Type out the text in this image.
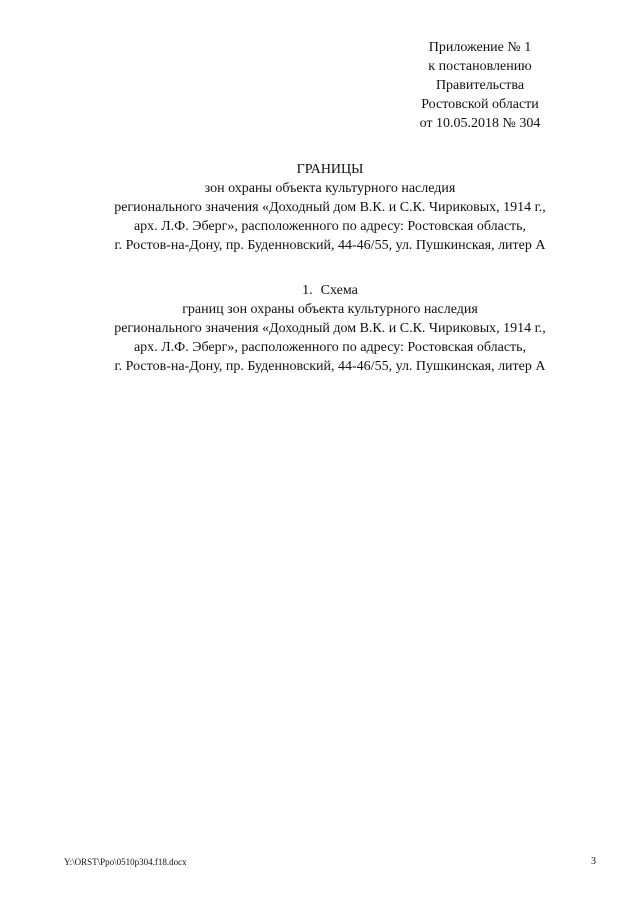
Приложение № 1
к постановлению
Правительства
Ростовской области
от 10.05.2018 № 304
ГРАНИЦЫ
зон охраны объекта культурного наследия
регионального значения «Доходный дом В.К. и С.К. Чириковых, 1914 г.,
арх. Л.Ф. Эберг», расположенного по адресу: Ростовская область,
г. Ростов-на-Дону, пр. Буденновский, 44-46/55, ул. Пушкинская, литер А
1. Схема
границ зон охраны объекта культурного наследия
регионального значения «Доходный дом В.К. и С.К. Чириковых, 1914 г.,
арх. Л.Ф. Эберг», расположенного по адресу: Ростовская область,
г. Ростов-на-Дону, пр. Буденновский, 44-46/55, ул. Пушкинская, литер А
Y:\ORST\Ppo\0510p304.f18.docx	3
